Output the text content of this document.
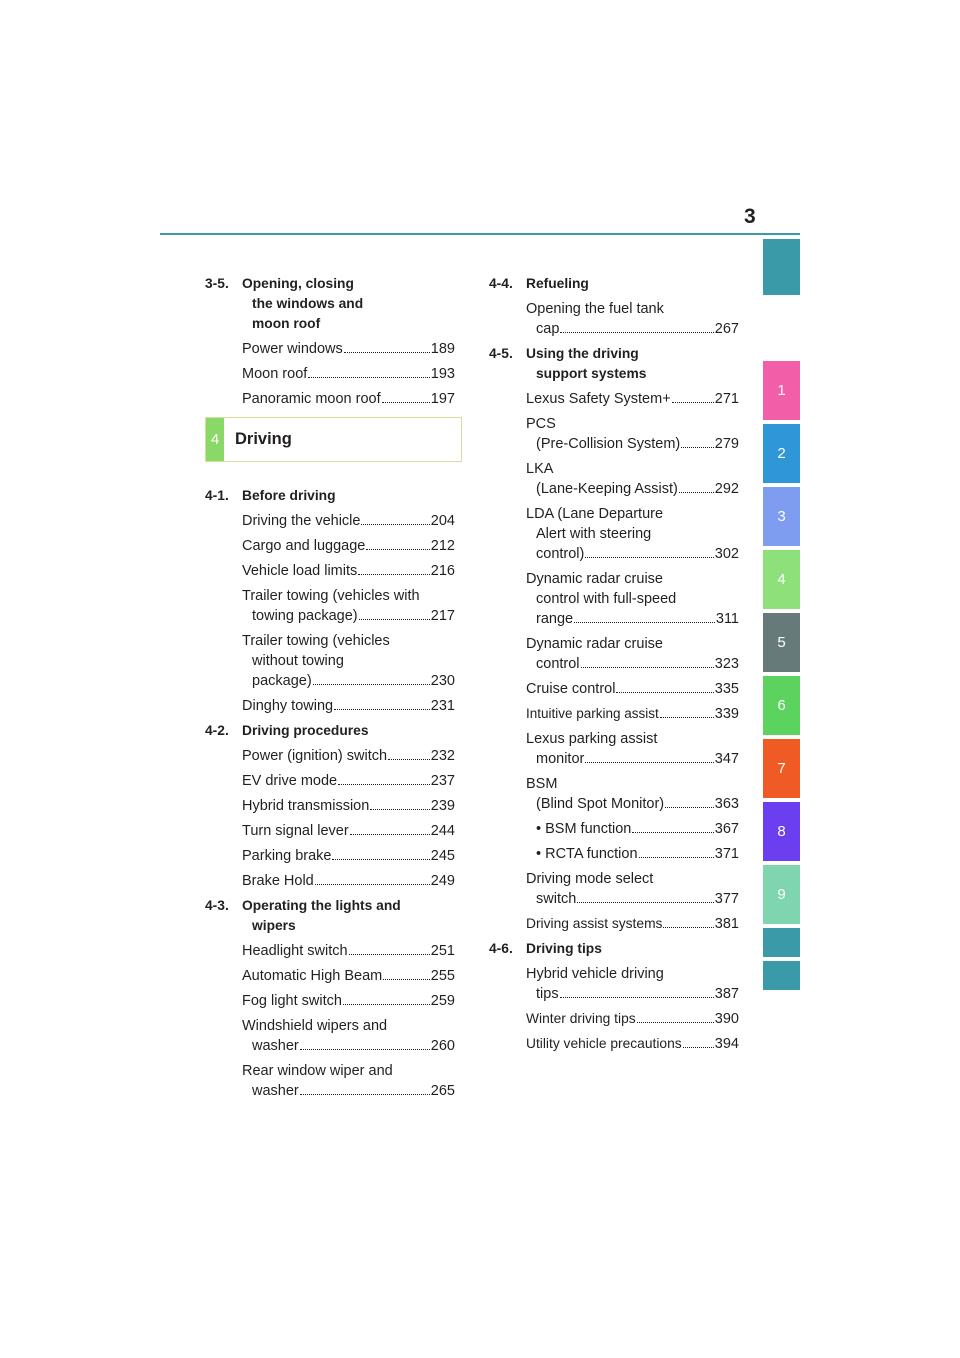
3
1
2
3
4
5
6
7
8
9
3-5. Opening, closing
the windows and
moon roof
Power windows	189
Moon roof	193
Panoramic moon roof	197
4 Driving
4-1. Before driving
Driving the vehicle	204
Cargo and luggage	212
Vehicle load limits	216
Trailer towing (vehicles with
towing package)	217
Trailer towing (vehicles
without towing
package)	230
Dinghy towing	231
4-2. Driving procedures
Power (ignition) switch	232
EV drive mode	237
Hybrid transmission	239
Turn signal lever	244
Parking brake	245
Brake Hold	249
4-3. Operating the lights and
wipers
Headlight switch	251
Automatic High Beam	255
Fog light switch	259
Windshield wipers and
washer	260
Rear window wiper and
washer	265
4-4. Refueling
Opening the fuel tank
cap	267
4-5. Using the driving
support systems
Lexus Safety System+	271
PCS
(Pre-Collision System) 279
LKA
(Lane-Keeping Assist)	292
LDA (Lane Departure
Alert with steering
control)	302
Dynamic radar cruise
control with full-speed
range	311
Dynamic radar cruise
control	323
Cruise control	335
Intuitive parking assist	339
Lexus parking assist
monitor	347
BSM
(Blind Spot Monitor)	363
• BSM function	367
• RCTA function	371
Driving mode select
switch	377
Driving assist systems	381
4-6. Driving tips
Hybrid vehicle driving
tips	387
Winter driving tips	390
Utility vehicle precautions 394
